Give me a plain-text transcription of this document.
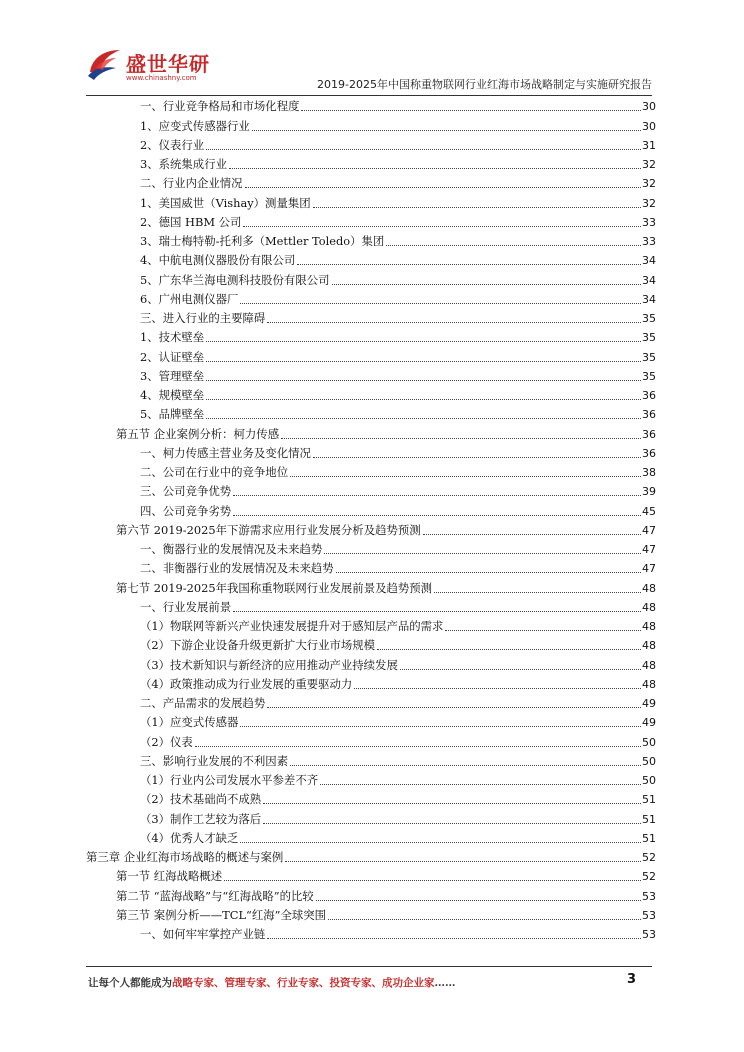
盛世华研
www.chinashny.com	2019-2025年中国称重物联网行业红海市场战略制定与实施研究报告
一、行业竞争格局和市场化程度	30
1、应变式传感器行业	30
2、仪表行业	31
3、系统集成行业	32
二、行业内企业情况	32
1、美国威世（Vishay）测量集团	32
2、德国 HBM 公司	33
3、瑞士梅特勒-托利多（Mettler Toledo）集团	33
4、中航电测仪器股份有限公司	34
5、广东华兰海电测科技股份有限公司	34
6、广州电测仪器厂	34
三、进入行业的主要障碍	35
1、技术壁垒	35
2、认证壁垒	35
3、管理壁垒	35
4、规模壁垒	36
5、品牌壁垒	36
第五节 企业案例分析：柯力传感	36
一、柯力传感主营业务及变化情况	36
二、公司在行业中的竞争地位	38
三、公司竞争优势	39
四、公司竞争劣势	45
第六节 2019-2025年下游需求应用行业发展分析及趋势预测	47
一、衡器行业的发展情况及未来趋势	47
二、非衡器行业的发展情况及未来趋势	47
第七节 2019-2025年我国称重物联网行业发展前景及趋势预测	48
一、行业发展前景	48
（1）物联网等新兴产业快速发展提升对于感知层产品的需求	48
（2）下游企业设备升级更新扩大行业市场规模	48
（3）技术新知识与新经济的应用推动产业持续发展	48
（4）政策推动成为行业发展的重要驱动力	48
二、产品需求的发展趋势	49
（1）应变式传感器	49
（2）仪表	50
三、影响行业发展的不利因素	50
（1）行业内公司发展水平参差不齐	50
（2）技术基础尚不成熟	51
（3）制作工艺较为落后	51
（4）优秀人才缺乏	51
第三章 企业红海市场战略的概述与案例	52
第一节 红海战略概述	52
第二节 “蓝海战略”与“红海战略”的比较	53
第三节 案例分析——TCL“红海”全球突围	53
一、如何牢牢掌控产业链	53
让每个人都能成为战略专家、管理专家、行业专家、投资专家、成功企业家……	3
